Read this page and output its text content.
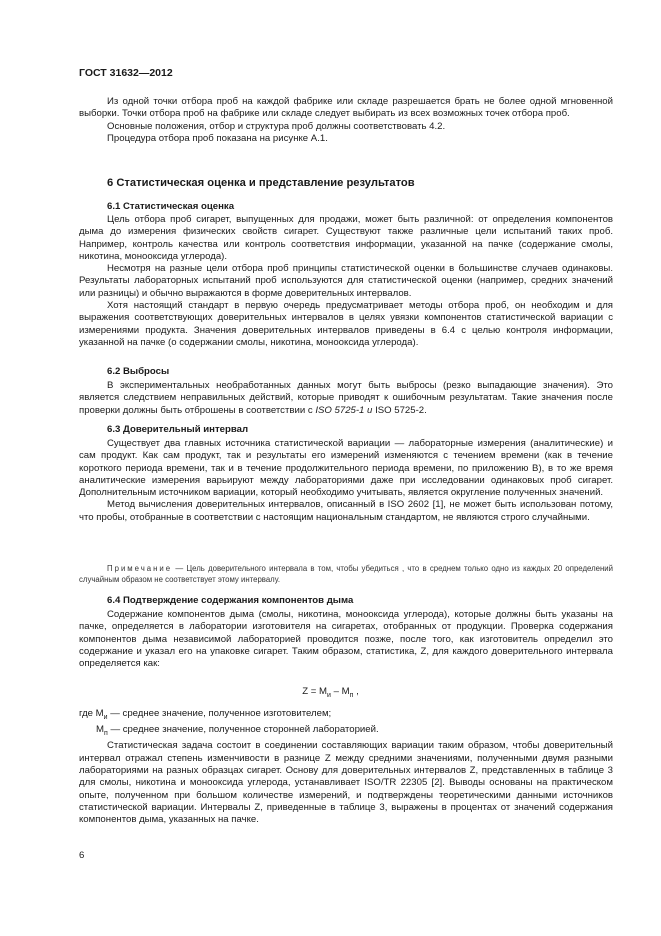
ГОСТ 31632—2012

Из одной точки отбора проб на каждой фабрике или складе разрешается брать не более одной мгновенной выборки. Точки отбора проб на фабрике или складе следует выбирать из всех возможных точек отбора проб.

Основные положения, отбор и структура проб должны соответствовать 4.2.

Процедура отбора проб показана на рисунке А.1.

6 Статистическая оценка и представление результатов
6.1 Статистическая оценка

Цель отбора проб сигарет, выпущенных для продажи, может быть различной: от определения компонентов дыма до измерения физических свойств сигарет. Существуют также различные цели испытаний таких проб. Например, контроль качества или контроль соответствия информации, указанной на пачке (содержание смолы, никотина, монооксида углерода).

Несмотря на разные цели отбора проб принципы статистической оценки в большинстве случаев одинаковы. Результаты лабораторных испытаний проб используются для статистической оценки (например, средних значений или разницы) и обычно выражаются в форме доверительных интервалов.

Хотя настоящий стандарт в первую очередь предусматривает методы отбора проб, он необходим и для выражения соответствующих доверительных интервалов в целях увязки компонентов статистической вариации с измерениями продукта. Значения доверительных интервалов приведены в 6.4 с целью контроля информации, указанной на пачке (о содержании смолы, никотина, монооксида углерода).

6.2 Выбросы

В экспериментальных необработанных данных могут быть выбросы (резко выпадающие значения). Это является следствием неправильных действий, которые приводят к ошибочным результатам. Такие значения после проверки должны быть отброшены в соответствии с ISO 5725-1 и ISO 5725-2.

6.3 Доверительный интервал

Существует два главных источника статистической вариации — лабораторные измерения (аналитические) и сам продукт. Как сам продукт, так и результаты его измерений изменяются с течением времени (как в течение короткого периода времени, так и в течение продолжительного периода времени, по приложению В), в то же время аналитические измерения варьируют между лабораториями даже при исследовании одинаковых проб сигарет. Дополнительным источником вариации, который необходимо учитывать, является округление полученных значений.

Метод вычисления доверительных интервалов, описанный в ISO 2602 [1], не может быть использован потому, что пробы, отобранные в соответствии с настоящим национальным стандартом, не являются строго случайными.

Примечание — Цель доверительного интервала в том, чтобы убедиться , что в среднем только одно из каждых 20 определений случайным образом не соответствует этому интервалу.
6.4 Подтверждение содержания компонентов дыма

Содержание компонентов дыма (смолы, никотина, монооксида углерода), которые должны быть указаны на пачке, определяется в лаборатории изготовителя на сигаретах, отобранных от продукции. Проверка содержания компонентов дыма независимой лабораторией проводится позже, после того, как изготовитель определил это содержание и указал его на упаковке сигарет. Таким образом, статистика, Z, для каждого доверительного интервала определяется как:

$Z = M_и - M_п$ ,

где $M_и$ — среднее значение, полученное изготовителем;

$M_п$ — среднее значение, полученное сторонней лабораторией.

Статистическая задача состоит в соединении составляющих вариации таким образом, чтобы доверительный интервал отражал степень изменчивости в разнице Z между средними значениями, полученными двумя разными лабораториями на разных образцах сигарет. Основу для доверительных интервалов Z, представленных в таблице 3 для смолы, никотина и монооксида углерода, устанавливает ISO/TR 22305 [2]. Выводы основаны на практическом опыте, полученном при большом количестве измерений, и подтверждены теоретическими данными источников статистической вариации. Интервалы Z, приведенные в таблице 3, выражены в процентах от значений содержания компонентов дыма, указанных на пачке.

6
